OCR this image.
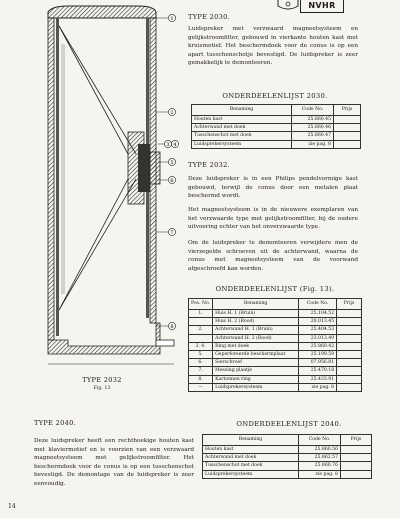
NVHR
1
2
3 4
5
6
7
8
TYPE 2032
Fig. 13
TYPE 2030.
Luidspreker met verzwaard magneetsysteem en gelijkstroomfilter, gebouwd in vierkante houten kast met kruismotief. Het beschermdoek voor de conus is op een apart tusschenschotje bevestigd. De luidspreker is zeer gemakkelijk te demonteeren.
ONDERDEELENLIJST 2030.
Benaming	Code No.	Prijs
Houten kast	25.860.45	
Achterwand met doek	25.860.46	
Tusschenschot met doek	25.860.47	
Luidsprekersysteem	zie pag. 8	
TYPE 2032.
Deze luidspreker is in een Philips pendelvormige kast gebouwd, terwijl de conus door een metalen plaat beschermd wordt.
Het magneetsysteem is in de nieuwere exemplaren van het verzwaarde type met gelijkstroomfilter, bij de oudere uitvoering echter van het onverzwaarde type.
Om de luidspreker te demonteeren verwijdere men de vierzegelde schroeven uit de achterwand, waarna de conus met magneetsysteem van de voorwand afgeschroefd kan worden.
ONDERDEELENLIJST (Fig. 13).
Pos. No.	Benaming	Code No.	Prijs
1.	Huis H. 1 (Bruin)	25.104.52	
	Huis H. 2 (Rood)	20.013.45	
2.	Achterwand H. 1 (Bruin)	25.404.53	
	Achterwand H. 2 (Rood)	23.013.49	
3. 4.	Ring met doek	25.860.42	
5.	Geperforeerde beschermplaat	25.199.59	
6.	Sierschroef	07.956.81	
7.	Messing plaatje	25.470.18	
8.	Kartonnen ring	25.433.91	
—	Luidsprekersysteem	zie pag. 8	
TYPE 2040.
Deze luidspreker heeft een rechthoekige houten kast met klaviermotief en is voorzien van een verzwaard magneetsysteem met gelijkstroomfilter. Het beschermdoek voor de conus is op een tusschenschot bevestigd. De demontage van de luidspreker is zeer eenvoudig.
ONDERDEELENLIJST 2040.
Benaming	Code No.	Prijs
Houten kast	25.860.56	
Achterwand met doek	25.862.57	
Tusschenschot met doek	25.860.76	
Luidsprekersysteem	zie pag. 8	
14
